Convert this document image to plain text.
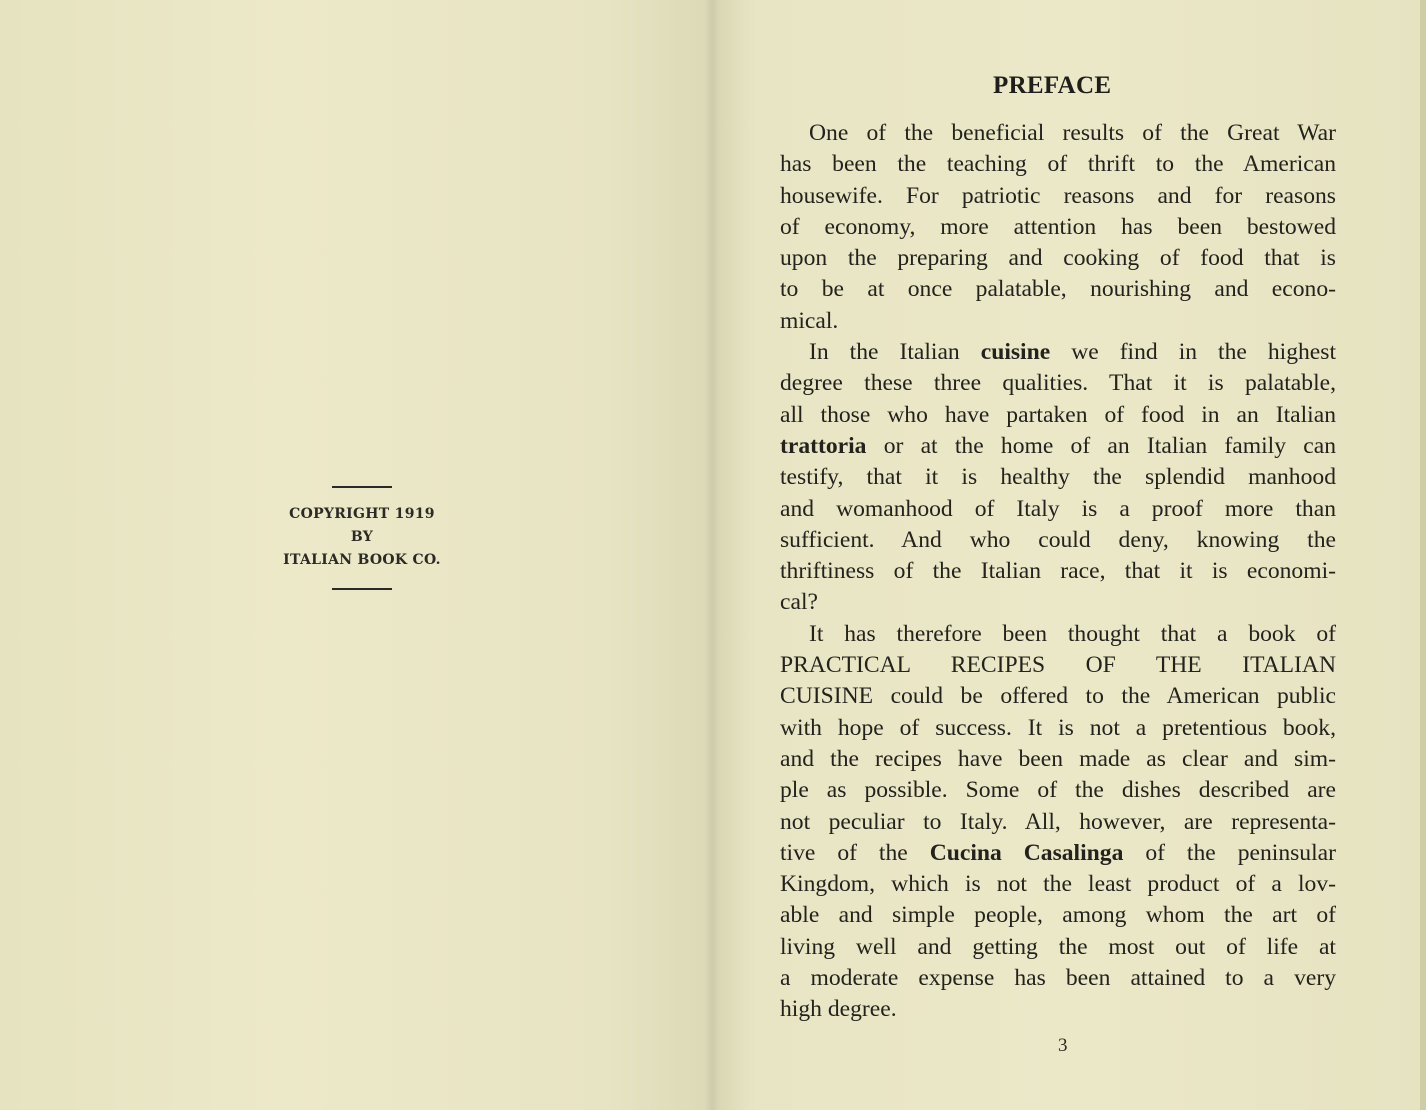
COPYRIGHT 1919
BY
ITALIAN BOOK CO.
PREFACE
One of the beneficial results of the Great War
has been the teaching of thrift to the American
housewife. For patriotic reasons and for reasons
of economy, more attention has been bestowed
upon the preparing and cooking of food that is
to be at once palatable, nourishing and econo-
mical.
In the Italian cuisine we find in the highest
degree these three qualities. That it is palatable,
all those who have partaken of food in an Italian
trattoria or at the home of an Italian family can
testify, that it is healthy the splendid manhood
and womanhood of Italy is a proof more than
sufficient. And who could deny, knowing the
thriftiness of the Italian race, that it is economi-
cal?
It has therefore been thought that a book of
PRACTICAL RECIPES OF THE ITALIAN
CUISINE could be offered to the American public
with hope of success. It is not a pretentious book,
and the recipes have been made as clear and sim-
ple as possible. Some of the dishes described are
not peculiar to Italy. All, however, are representa-
tive of the Cucina Casalinga of the peninsular
Kingdom, which is not the least product of a lov-
able and simple people, among whom the art of
living well and getting the most out of life at
a moderate expense has been attained to a very
high degree.
3
